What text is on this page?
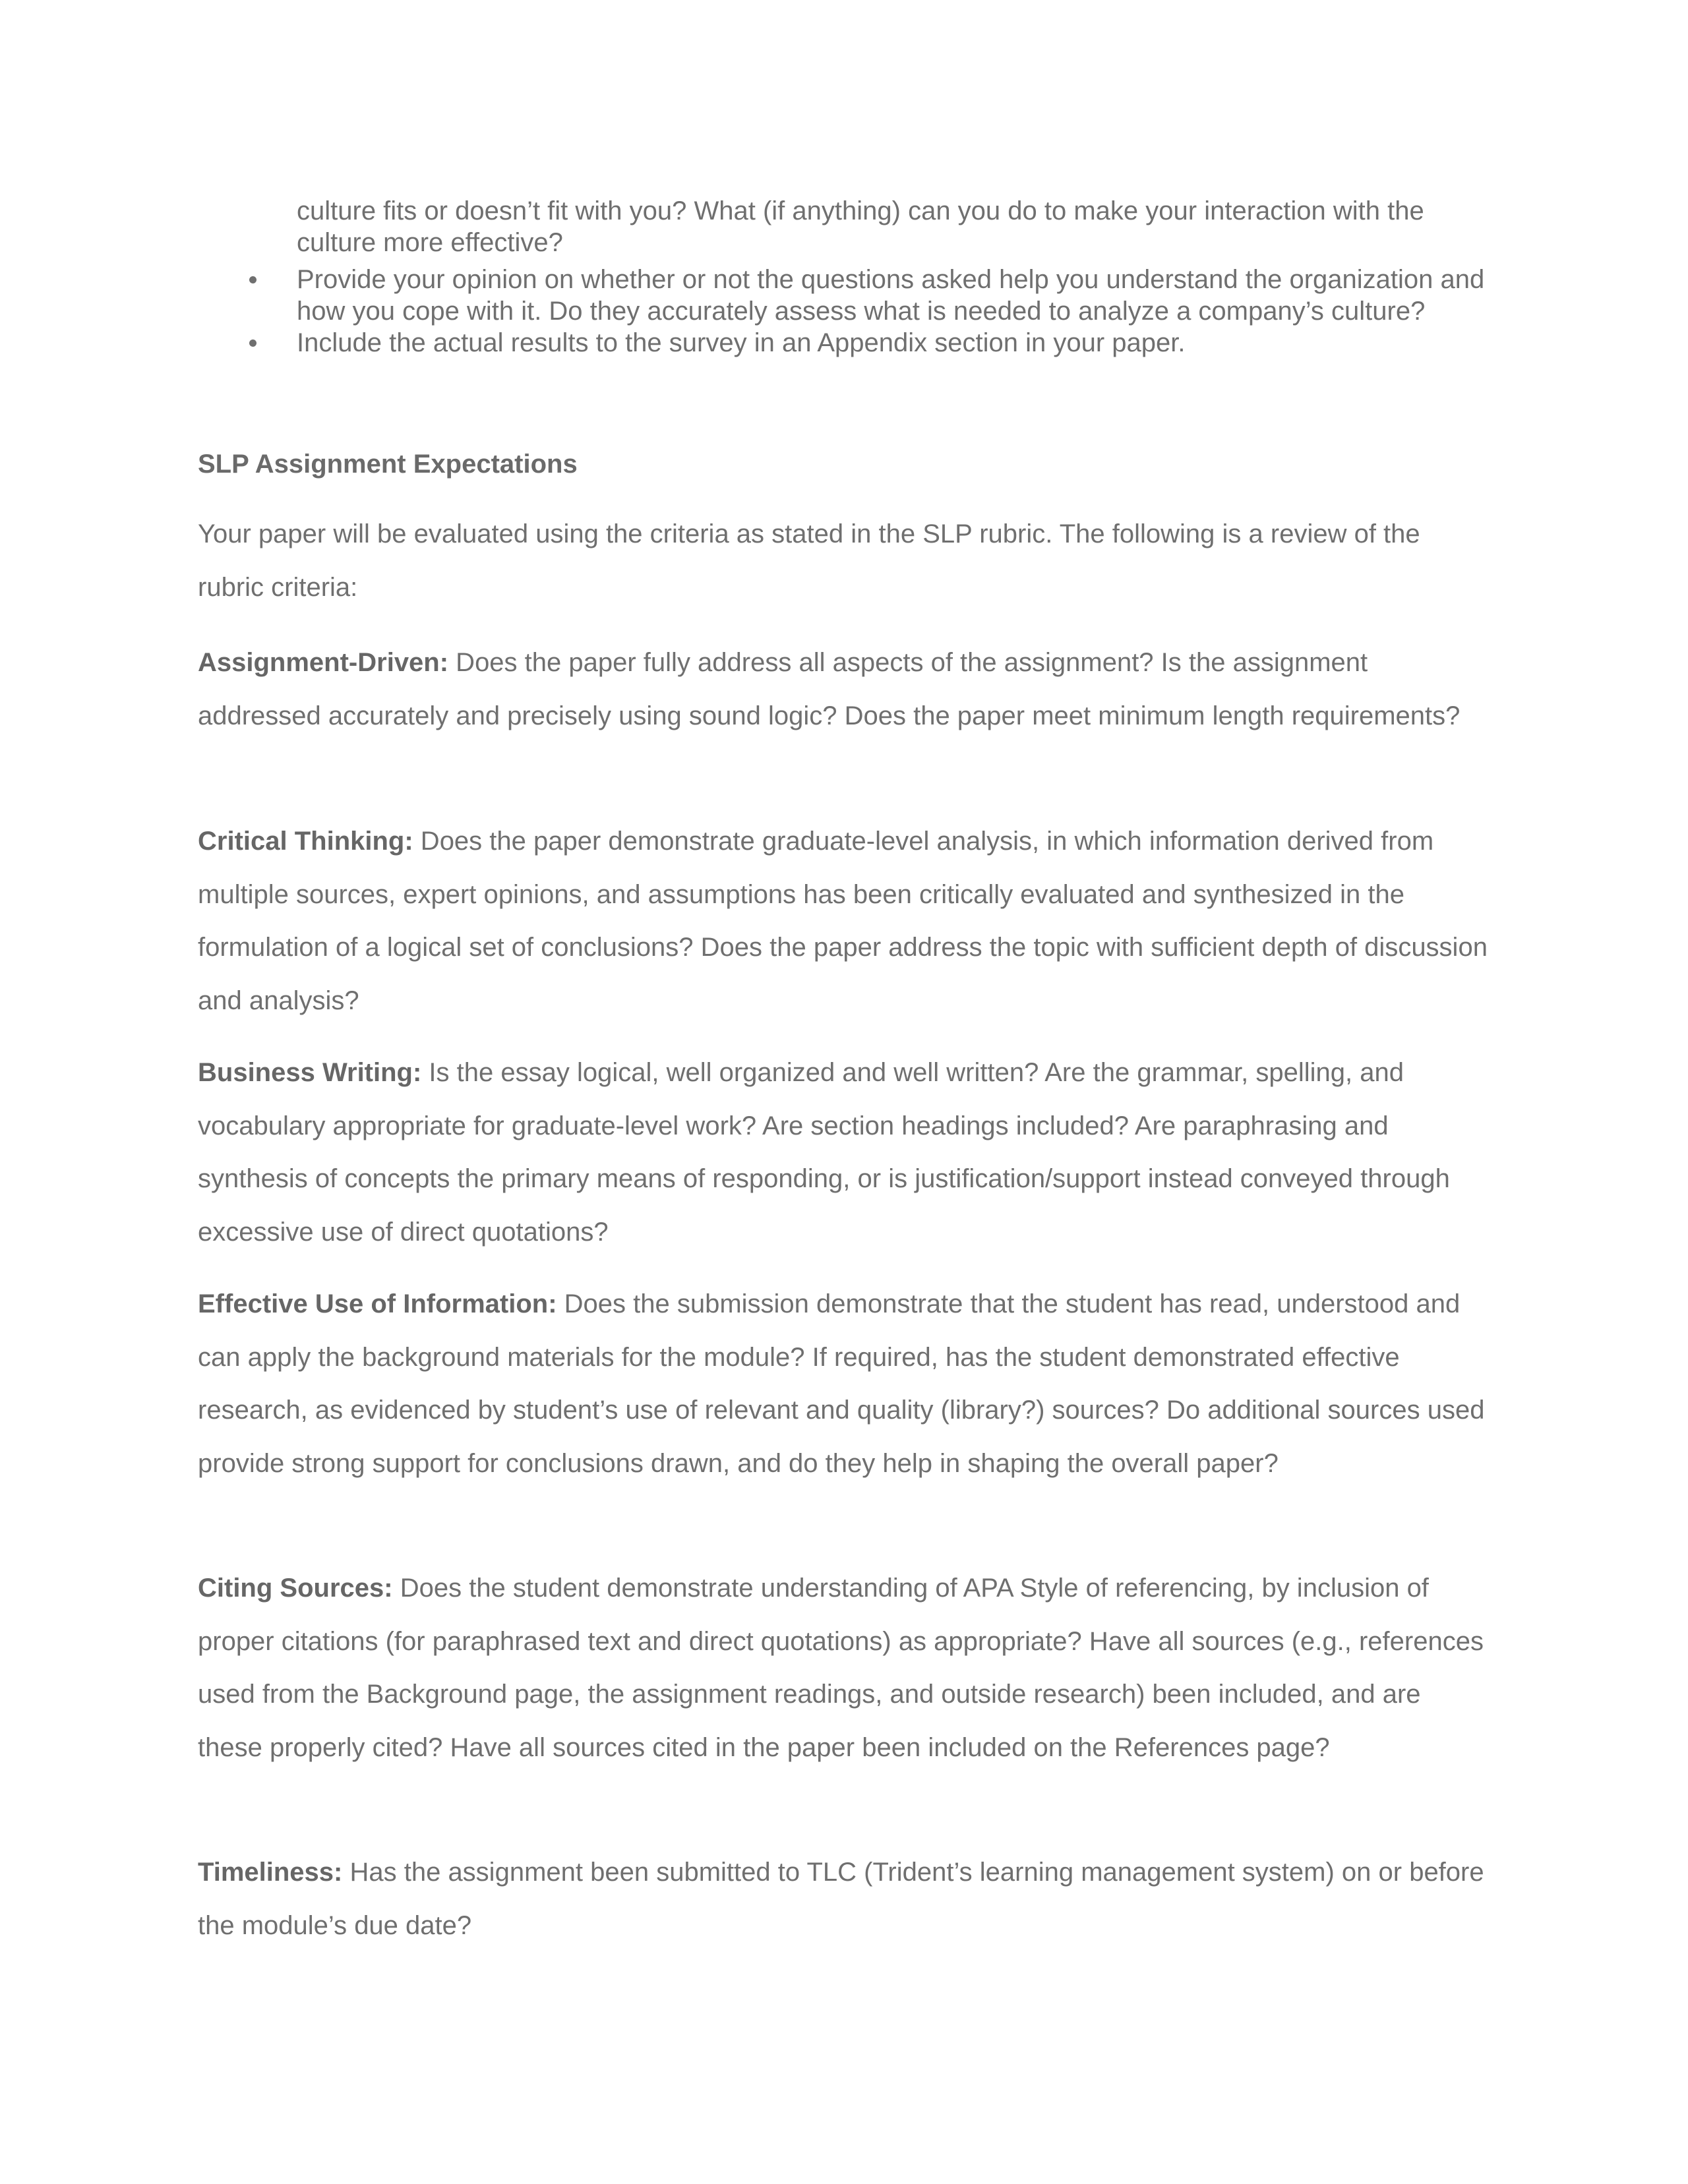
culture fits or doesn’t fit with you? What (if anything) can you do to make your interaction with the culture more effective?

Provide your opinion on whether or not the questions asked help you understand the organization and how you cope with it. Do they accurately assess what is needed to analyze a company’s culture?
Include the actual results to the survey in an Appendix section in your paper.
SLP Assignment Expectations

Your paper will be evaluated using the criteria as stated in the SLP rubric. The following is a review of the rubric criteria:

Assignment-Driven: Does the paper fully address all aspects of the assignment? Is the assignment addressed accurately and precisely using sound logic? Does the paper meet minimum length requirements?

Critical Thinking: Does the paper demonstrate graduate-level analysis, in which information derived from multiple sources, expert opinions, and assumptions has been critically evaluated and synthesized in the formulation of a logical set of conclusions? Does the paper address the topic with sufficient depth of discussion and analysis?

Business Writing: Is the essay logical, well organized and well written? Are the grammar, spelling, and vocabulary appropriate for graduate-level work? Are section headings included? Are paraphrasing and synthesis of concepts the primary means of responding, or is justification/support instead conveyed through excessive use of direct quotations?

Effective Use of Information: Does the submission demonstrate that the student has read, understood and can apply the background materials for the module? If required, has the student demonstrated effective research, as evidenced by student’s use of relevant and quality (library?) sources? Do additional sources used provide strong support for conclusions drawn, and do they help in shaping the overall paper?

Citing Sources: Does the student demonstrate understanding of APA Style of referencing, by inclusion of proper citations (for paraphrased text and direct quotations) as appropriate? Have all sources (e.g., references used from the Background page, the assignment readings, and outside research) been included, and are these properly cited? Have all sources cited in the paper been included on the References page?

Timeliness: Has the assignment been submitted to TLC (Trident’s learning management system) on or before the module’s due date?
